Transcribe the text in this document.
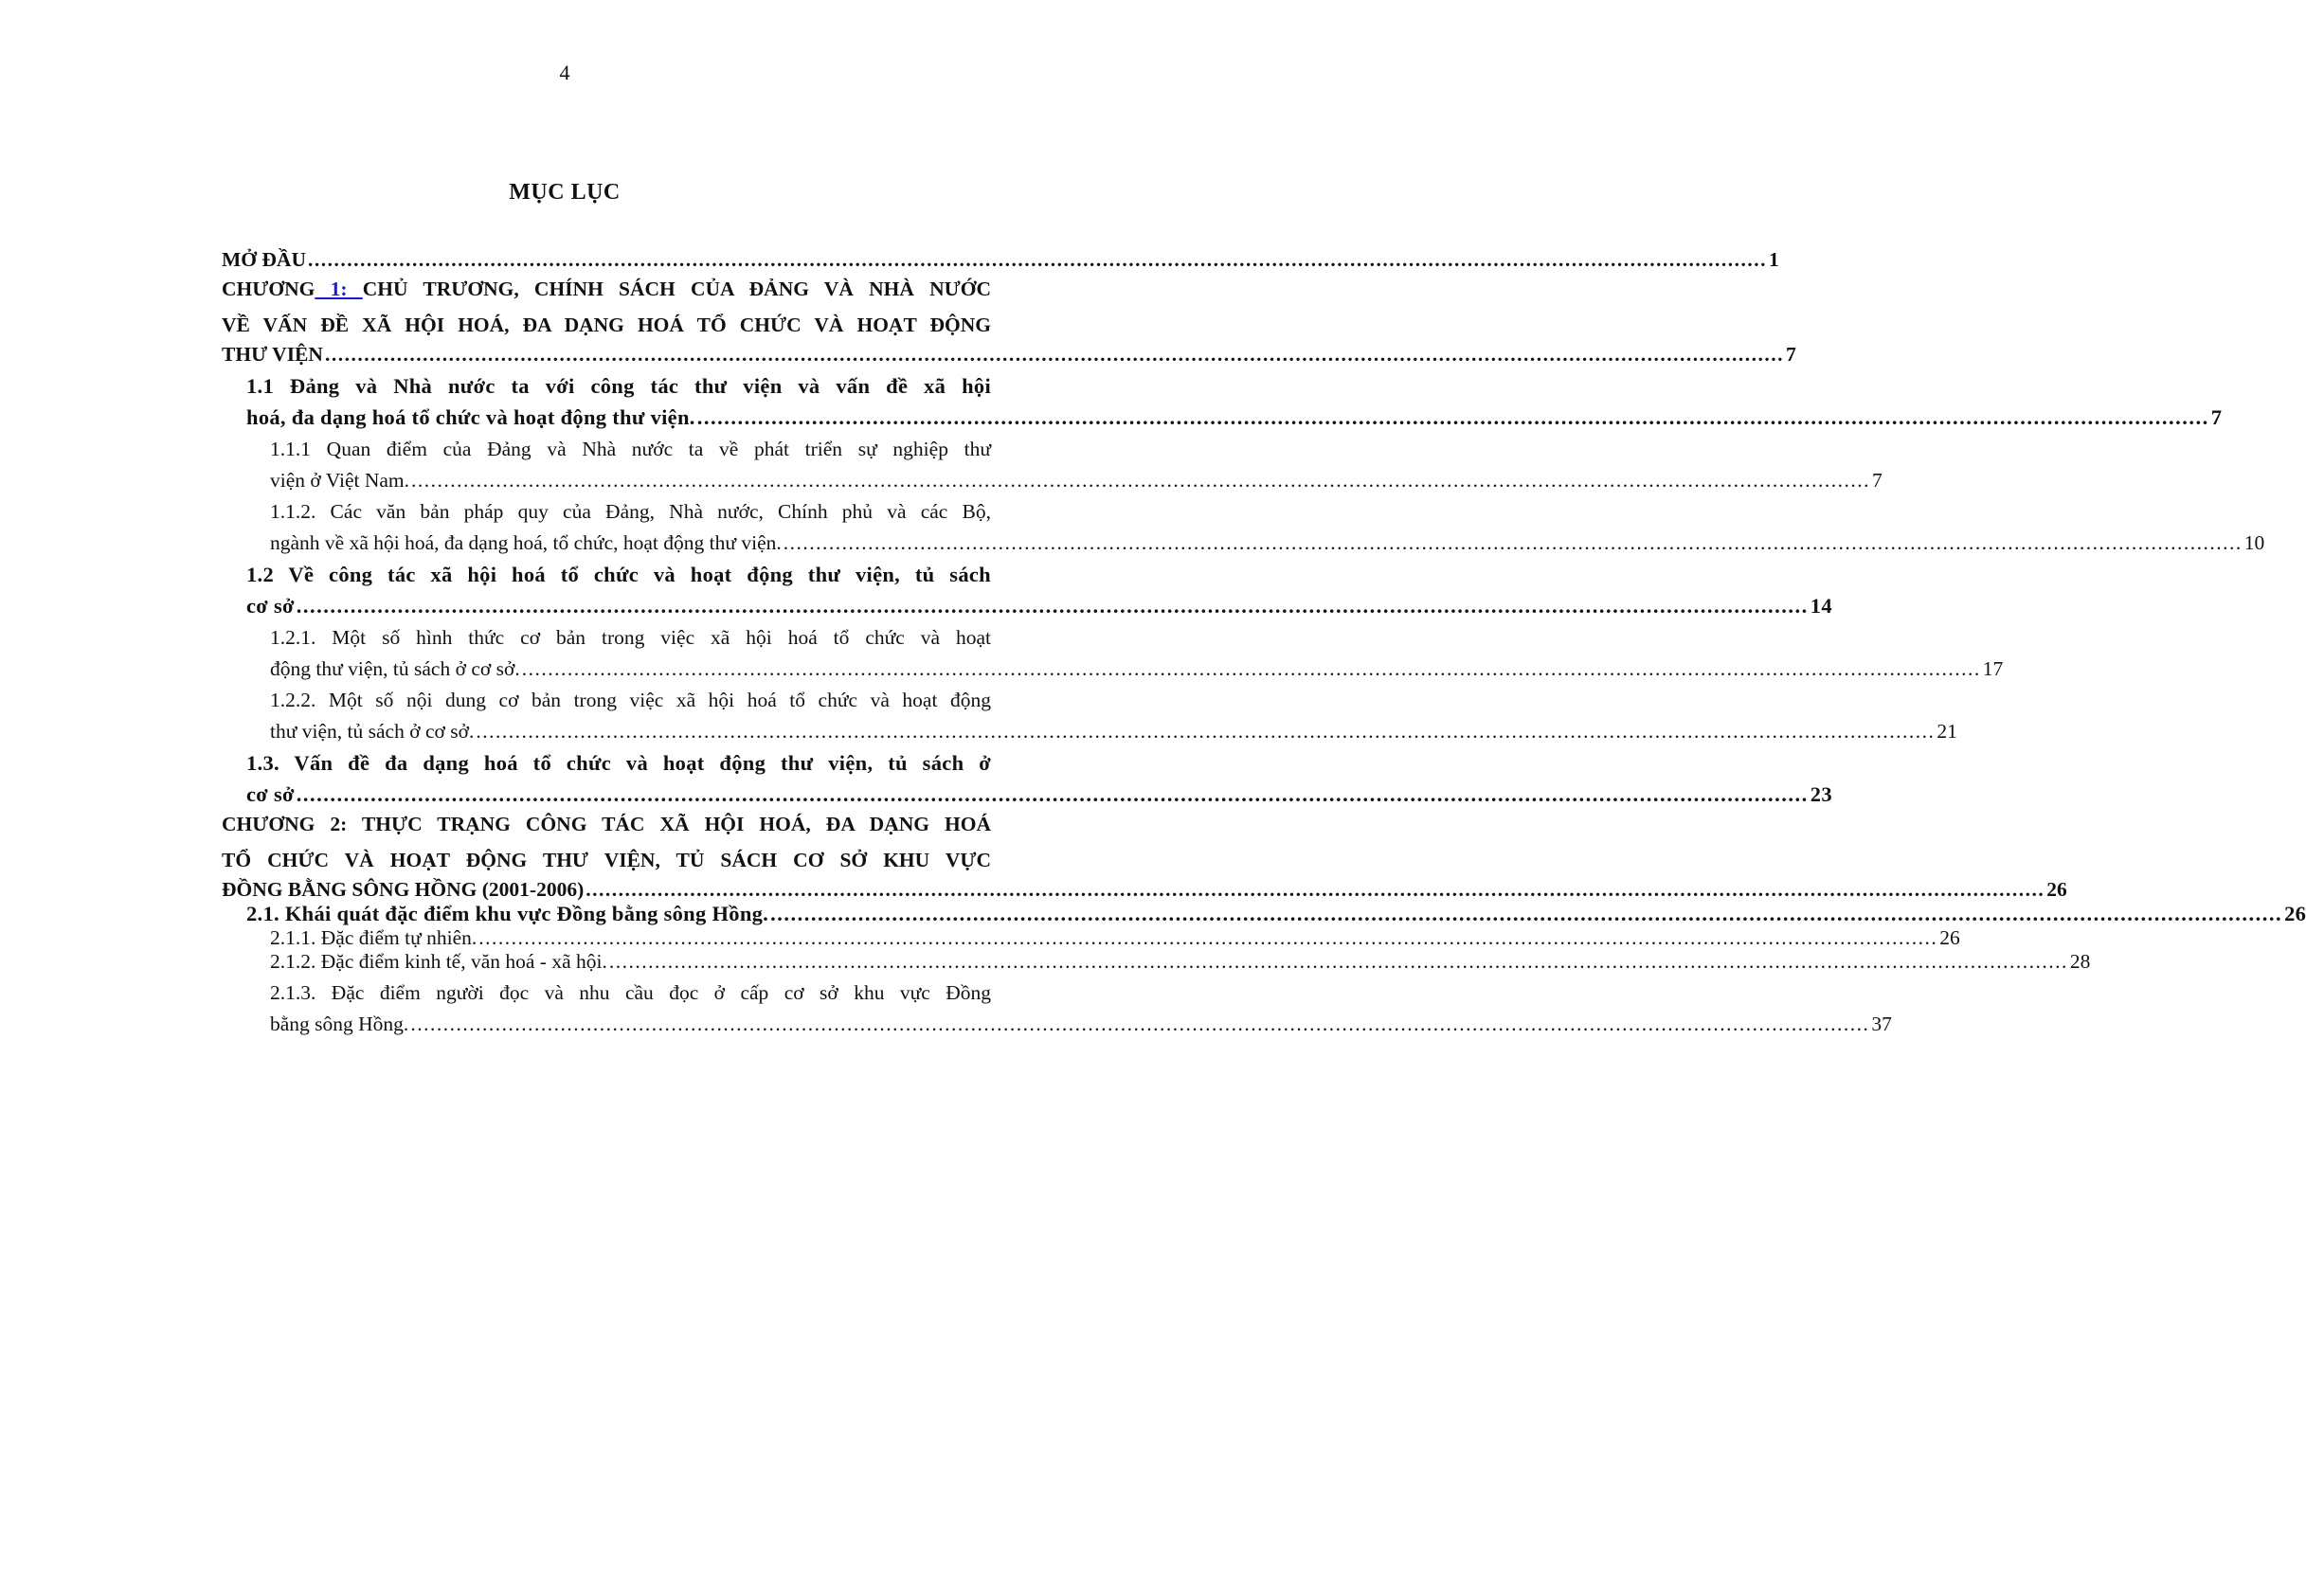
4
MỤC LỤC
MỞ ĐẦU ................................................................................................................................................................................................................................ 1

CHƯƠNG 1: CHỦ TRƯƠNG, CHÍNH SÁCH CỦA ĐẢNG VÀ NHÀ NƯỚC

VỀ VẤN ĐỀ XÃ HỘI HOÁ, ĐA DẠNG HOÁ TỔ CHỨC VÀ HOẠT ĐỘNG

THƯ VIỆN ................................................................................................................................................................................................................................ 7

1.1 Đảng và Nhà nước ta với công tác thư viện và vấn đề xã hội

hoá, đa dạng hoá tổ chức và hoạt động thư viện. ................................................................................................................................................................................................................................ 7

1.1.1 Quan điểm của Đảng và Nhà nước ta về phát triển sự nghiệp thư

viện ở Việt Nam. ................................................................................................................................................................................................................................ 7

1.1.2. Các văn bản pháp quy của Đảng, Nhà nước, Chính phủ và các Bộ,

ngành về xã hội hoá, đa dạng hoá, tổ chức, hoạt động thư viện. ................................................................................................................................................................................................................................ 10

1.2 Về công tác xã hội hoá tổ chức và hoạt động thư viện, tủ sách

cơ sở ................................................................................................................................................................................................................................ 14

1.2.1. Một số hình thức cơ bản trong việc xã hội hoá tổ chức và hoạt

động thư viện, tủ sách ở cơ sở. ................................................................................................................................................................................................................................ 17

1.2.2. Một số nội dung cơ bản trong việc xã hội hoá tổ chức và hoạt động

thư viện, tủ sách ở cơ sở. ................................................................................................................................................................................................................................ 21

1.3. Vấn đề đa dạng hoá tổ chức và hoạt động thư viện, tủ sách ở

cơ sở ................................................................................................................................................................................................................................ 23

CHƯƠNG 2: THỰC TRẠNG CÔNG TÁC XÃ HỘI HOÁ, ĐA DẠNG HOÁ

TỔ CHỨC VÀ HOẠT ĐỘNG THƯ VIỆN, TỦ SÁCH CƠ SỞ KHU VỰC

ĐỒNG BẰNG SÔNG HỒNG (2001-2006) ................................................................................................................................................................................................................................ 26
2.1. Khái quát đặc điểm khu vực Đồng bằng sông Hồng. ................................................................................................................................................................................................................................ 26
2.1.1. Đặc điểm tự nhiên. ................................................................................................................................................................................................................................ 26
2.1.2. Đặc điểm kinh tế, văn hoá - xã hội. ................................................................................................................................................................................................................................ 28

2.1.3. Đặc điểm người đọc và nhu cầu đọc ở cấp cơ sở khu vực Đồng

bằng sông Hồng. ................................................................................................................................................................................................................................ 37
